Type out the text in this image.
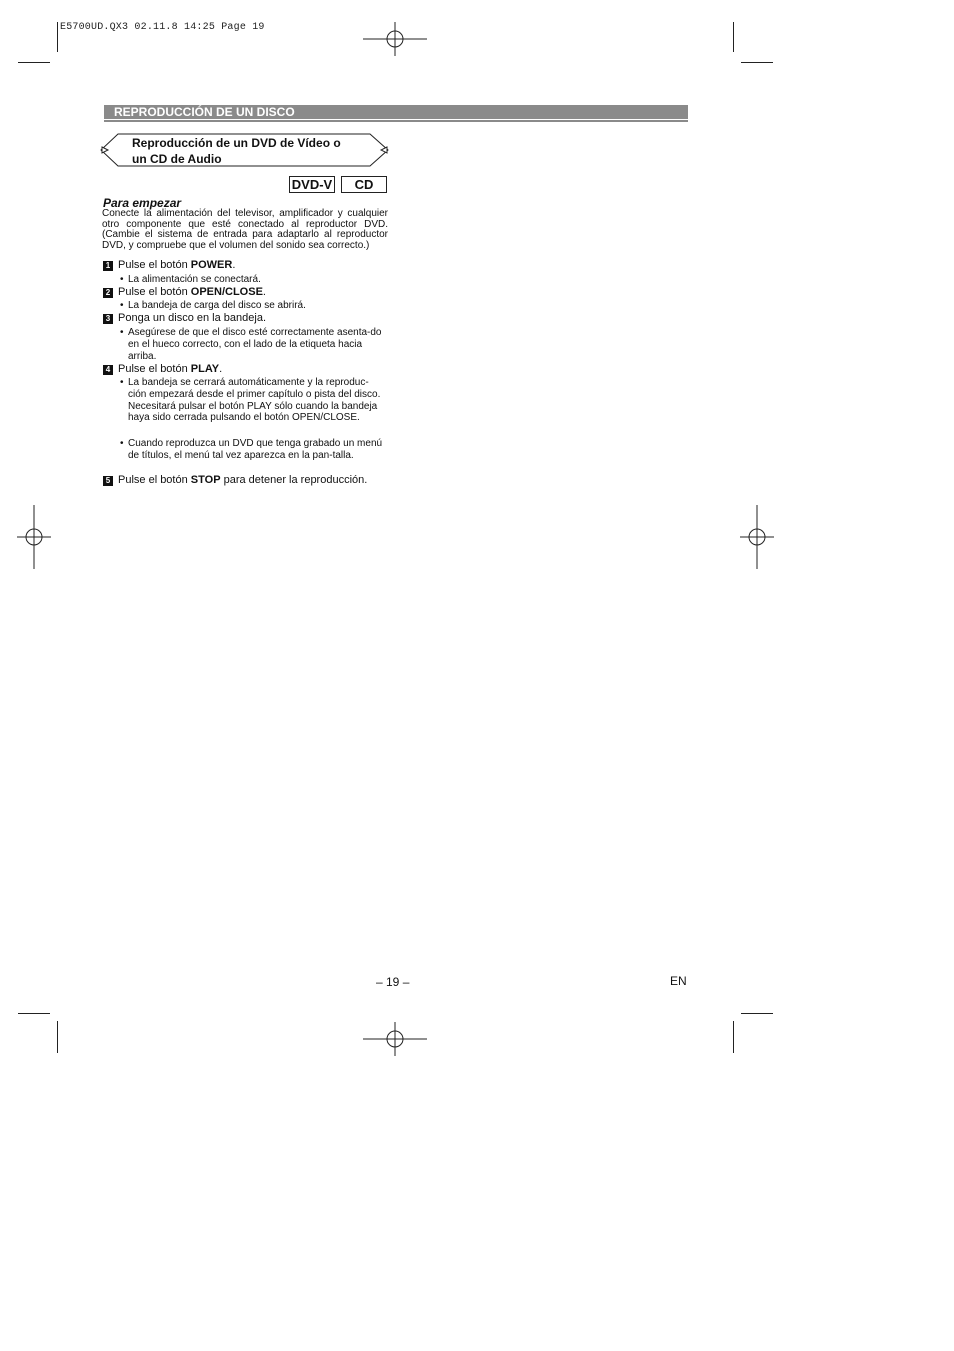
E5700UD.QX3 02.11.8 14:25 Page 19
REPRODUCCIÓN DE UN DISCO
Reproducción de un DVD de Vídeo o
un CD de Audio
DVD-V	CD
Para empezar
Conecte la alimentación del televisor, amplificador y cualquier otro componente que esté conectado al reproductor DVD. (Cambie el sistema de entrada para adaptarlo al reproductor DVD, y compruebe que el volumen del sonido sea correcto.)
1 Pulse el botón POWER.
• La alimentación se conectará.
2 Pulse el botón OPEN/CLOSE.
• La bandeja de carga del disco se abrirá.
3 Ponga un disco en la bandeja.
• Asegúrese de que el disco esté correctamente asenta-do en el hueco correcto, con el lado de la etiqueta hacia arriba.
4 Pulse el botón PLAY.
• La bandeja se cerrará automáticamente y la reproduc-ción empezará desde el primer capítulo o pista del disco. Necesitará pulsar el botón PLAY sólo cuando la bandeja haya sido cerrada pulsando el botón OPEN/CLOSE.
• Cuando reproduzca un DVD que tenga grabado un menú de títulos, el menú tal vez aparezca en la pan-talla.
5 Pulse el botón STOP para detener la reproducción.
– 19 –	EN
